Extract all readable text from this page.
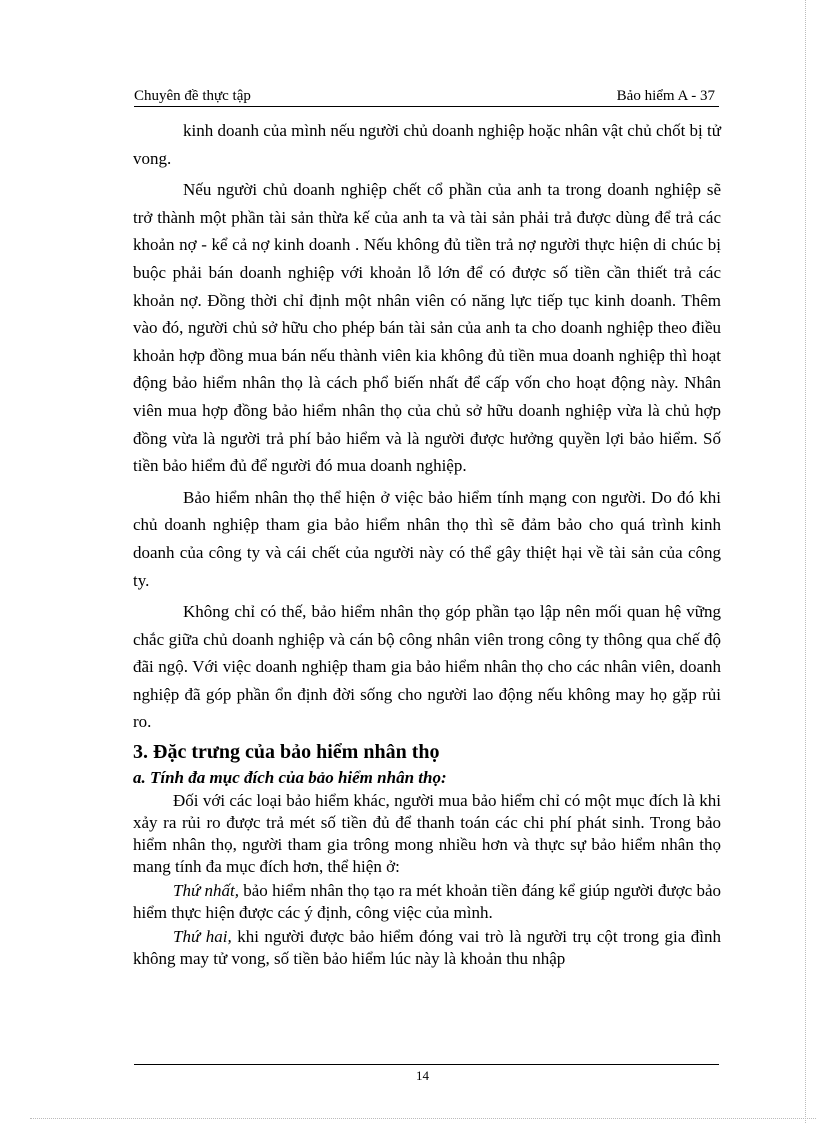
Chuyên đề thực tập	Bảo hiểm A - 37

kinh doanh của mình nếu người chủ doanh nghiệp hoặc nhân vật chủ chốt bị tử vong.

Nếu người chủ doanh nghiệp chết cổ phần của anh ta trong doanh nghiệp sẽ trở thành một phần tài sản thừa kế của anh ta và tài sản phải trả được dùng để trả các khoản nợ - kể cả nợ kinh doanh . Nếu không đủ tiền trả nợ người thực hiện di chúc bị buộc phải bán doanh nghiệp với khoản lỗ lớn để có được số tiền cần thiết trả các khoản nợ. Đồng thời chỉ định một nhân viên có năng lực tiếp tục kinh doanh. Thêm vào đó, người chủ sở hữu cho phép bán tài sản của anh ta cho doanh nghiệp theo điều khoản hợp đồng mua bán nếu thành viên kia không đủ tiền mua doanh nghiệp thì hoạt động bảo hiểm nhân thọ là cách phổ biến nhất để cấp vốn cho hoạt động này. Nhân viên mua hợp đồng bảo hiểm nhân thọ của chủ sở hữu doanh nghiệp vừa là chủ hợp đồng vừa là người trả phí bảo hiểm và là người được hưởng quyền lợi bảo hiểm. Số tiền bảo hiểm đủ để người đó mua doanh nghiệp.

Bảo hiểm nhân thọ thể hiện ở việc bảo hiểm tính mạng con người. Do đó khi chủ doanh nghiệp tham gia bảo hiểm nhân thọ thì sẽ đảm bảo cho quá trình kinh doanh của công ty và cái chết của người này có thể gây thiệt hại về tài sản của công ty.

Không chỉ có thế, bảo hiểm nhân thọ góp phần tạo lập nên mối quan hệ vững chắc giữa chủ doanh nghiệp và cán bộ công nhân viên trong công ty thông qua chế độ đãi ngộ. Với việc doanh nghiệp tham gia bảo hiểm nhân thọ cho các nhân viên, doanh nghiệp đã góp phần ổn định đời sống cho người lao động nếu không may họ gặp rủi ro.

3. Đặc trưng của bảo hiểm nhân thọ
a. Tính đa mục đích của bảo hiểm nhân thọ:

Đối với các loại bảo hiểm khác, người mua bảo hiểm chỉ có một mục đích là khi xảy ra rủi ro được trả mét số tiền đủ để thanh toán các chi phí phát sinh. Trong bảo hiểm nhân thọ, người tham gia trông mong nhiều hơn và thực sự bảo hiểm nhân thọ mang tính đa mục đích hơn, thể hiện ở:

Thứ nhất, bảo hiểm nhân thọ tạo ra mét khoản tiền đáng kể giúp người được bảo hiểm thực hiện được các ý định, công việc của mình.

Thứ hai, khi người được bảo hiểm đóng vai trò là người trụ cột trong gia đình không may tử vong, số tiền bảo hiểm lúc này là khoản thu nhập

14
